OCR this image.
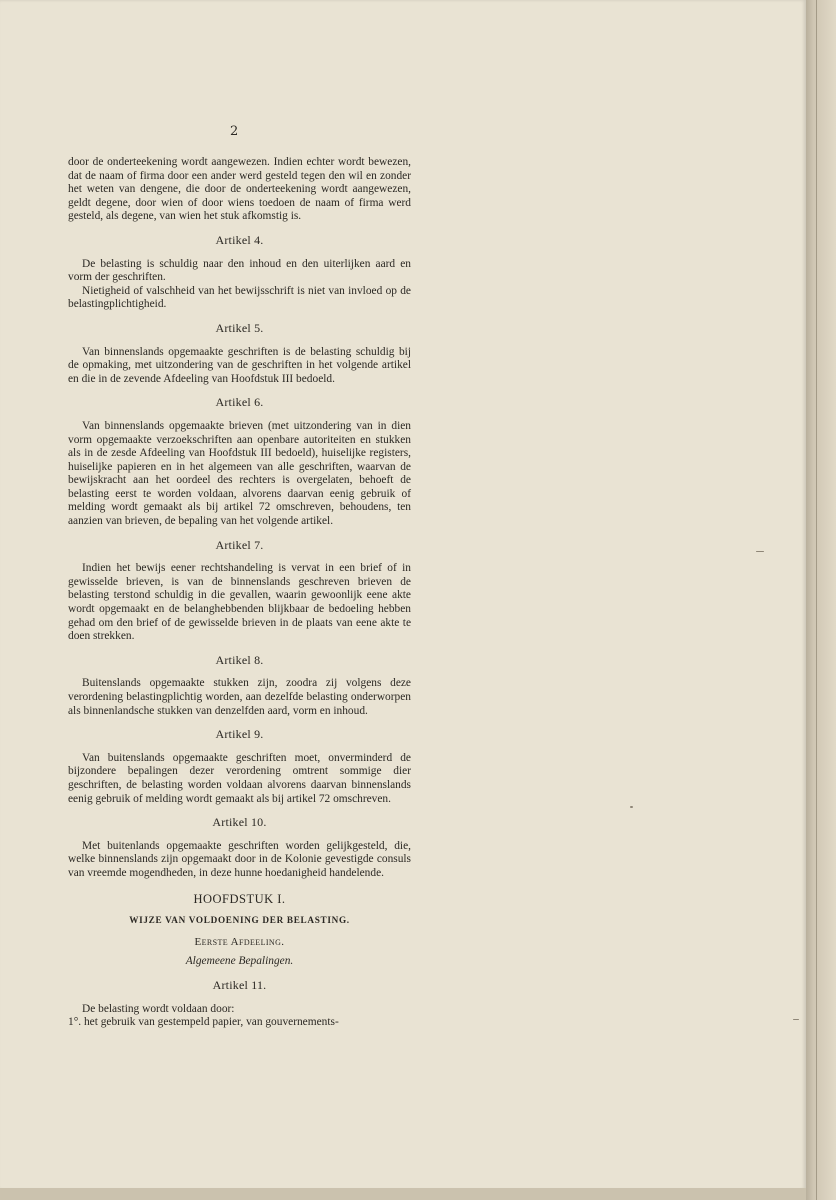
2

door de onderteekening wordt aangewezen. Indien echter wordt bewezen, dat de naam of firma door een ander werd gesteld tegen den wil en zonder het weten van dengene, die door de onderteekening wordt aangewezen, geldt degene, door wien of door wiens toedoen de naam of firma werd gesteld, als degene, van wien het stuk afkomstig is.

Artikel 4.

De belasting is schuldig naar den inhoud en den uiterlijken aard en vorm der geschriften.

Nietigheid of valschheid van het bewijsschrift is niet van invloed op de belastingplichtigheid.

Artikel 5.

Van binnenslands opgemaakte geschriften is de belasting schuldig bij de opmaking, met uitzondering van de geschriften in het volgende artikel en die in de zevende Afdeeling van Hoofdstuk III bedoeld.

Artikel 6.

Van binnenslands opgemaakte brieven (met uitzondering van in dien vorm opgemaakte verzoekschriften aan openbare autoriteiten en stukken als in de zesde Afdeeling van Hoofdstuk III bedoeld), huiselijke registers, huiselijke papieren en in het algemeen van alle geschriften, waarvan de bewijskracht aan het oordeel des rechters is overgelaten, behoeft de belasting eerst te worden voldaan, alvorens daarvan eenig gebruik of melding wordt gemaakt als bij artikel 72 omschreven, behoudens, ten aanzien van brieven, de bepaling van het volgende artikel.

Artikel 7.

Indien het bewijs eener rechtshandeling is vervat in een brief of in gewisselde brieven, is van de binnenslands geschreven brieven de belasting terstond schuldig in die gevallen, waarin gewoonlijk eene akte wordt opgemaakt en de belanghebbenden blijkbaar de bedoeling hebben gehad om den brief of de gewisselde brieven in de plaats van eene akte te doen strekken.

Artikel 8.

Buitenslands opgemaakte stukken zijn, zoodra zij volgens deze verordening belastingplichtig worden, aan dezelfde belasting onderworpen als binnenlandsche stukken van denzelfden aard, vorm en inhoud.

Artikel 9.

Van buitenslands opgemaakte geschriften moet, onverminderd de bijzondere bepalingen dezer verordening omtrent sommige dier geschriften, de belasting worden voldaan alvorens daarvan binnenslands eenig gebruik of melding wordt gemaakt als bij artikel 72 omschreven.

Artikel 10.

Met buitenlands opgemaakte geschriften worden gelijkgesteld, die, welke binnenslands zijn opgemaakt door in de Kolonie gevestigde consuls van vreemde mogendheden, in deze hunne hoedanigheid handelende.

HOOFDSTUK I.
WIJZE VAN VOLDOENING DER BELASTING.
Eerste Afdeeling.
Algemeene Bepalingen.
Artikel 11.

De belasting wordt voldaan door:

1°. het gebruik van gestempeld papier, van gouvernements-
